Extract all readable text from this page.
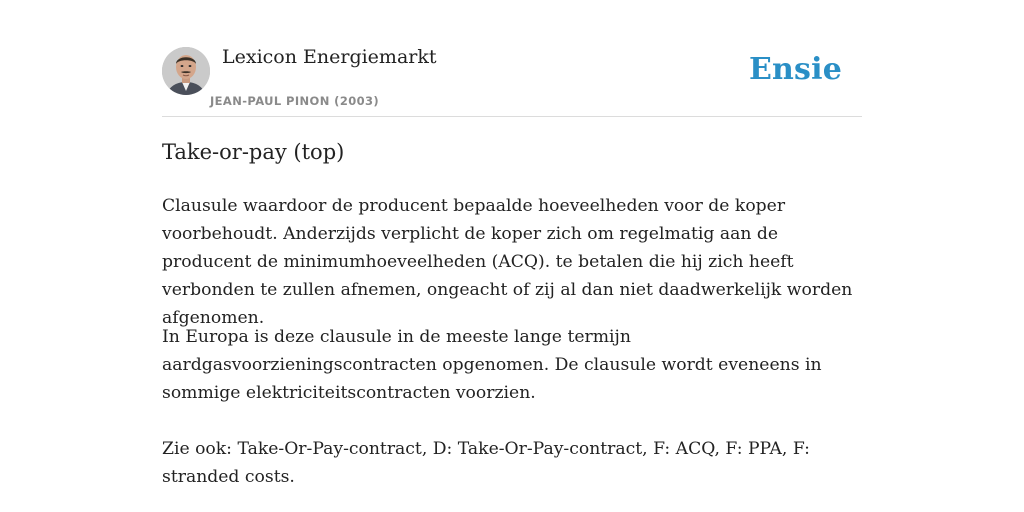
Lexicon Energiemarkt
JEAN-PAUL PINON (2003)
Ensie
Take-or-pay (top)

Clausule waardoor de producent bepaalde hoeveelheden voor de koper voorbehoudt. Anderzijds verplicht de koper zich om regelmatig aan de producent de minimumhoeveelheden (ACQ). te betalen die hij zich heeft verbonden te zullen afnemen, ongeacht of zij al dan niet daadwerkelijk worden afgenomen.

In Europa is deze clausule in de meeste lange termijn aardgasvoorzieningscontracten opgenomen. De clausule wordt eveneens in sommige elektriciteitscontracten voorzien.

Zie ook: Take-Or-Pay-contract, D: Take-Or-Pay-contract, F: ACQ, F: PPA, F: stranded costs.
